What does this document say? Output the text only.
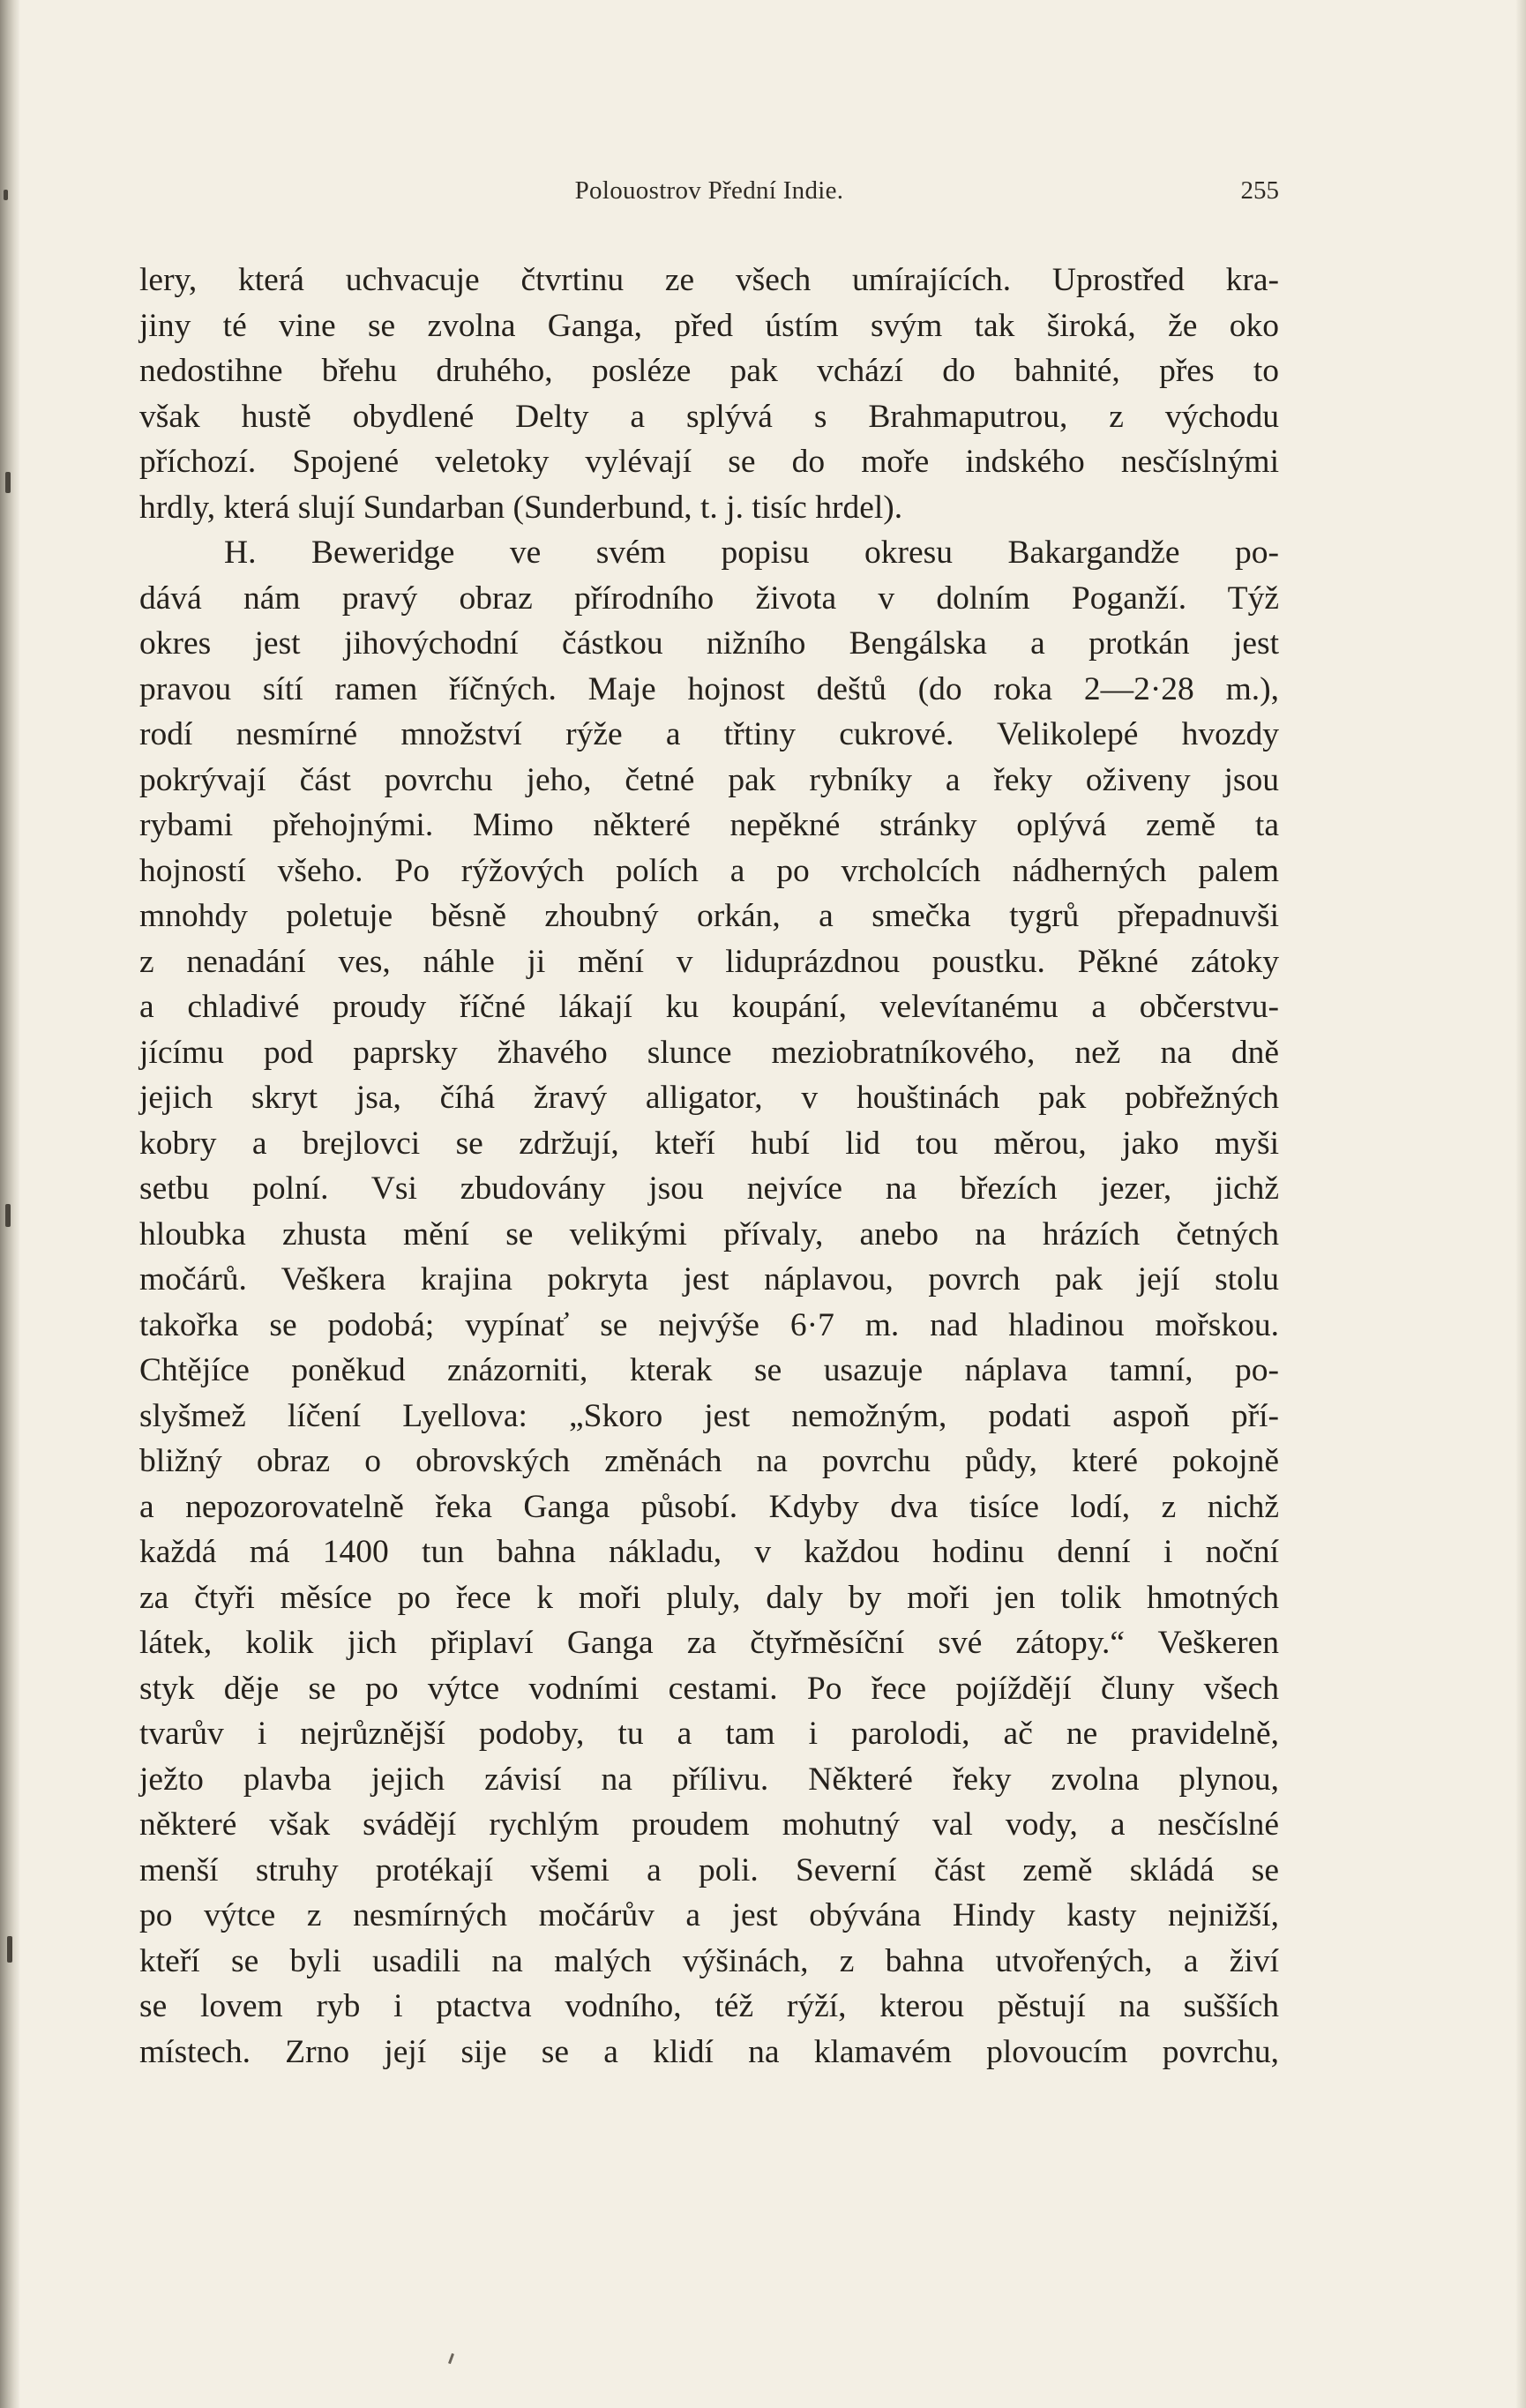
Polouostrov Přední Indie.	255
lery, která uchvacuje čtvrtinu ze všech umírajících. Uprostřed kra-
jiny té vine se zvolna Ganga, před ústím svým tak široká, že oko
nedostihne břehu druhého, posléze pak vchází do bahnité, přes to
však hustě obydlené Delty a splývá s Brahmaputrou, z východu
příchozí. Spojené veletoky vylévají se do moře indského nesčíslnými
hrdly, která slují Sundarban (Sunderbund, t. j. tisíc hrdel).
H. Beweridge ve svém popisu okresu Bakargandže po-
dává nám pravý obraz přírodního života v dolním Poganží. Týž
okres jest jihovýchodní částkou nižního Bengálska a protkán jest
pravou sítí ramen říčných. Maje hojnost deštů (do roka 2—2·28 m.),
rodí nesmírné množství rýže a třtiny cukrové. Velikolepé hvozdy
pokrývají část povrchu jeho, četné pak rybníky a řeky oživeny jsou
rybami přehojnými. Mimo některé nepěkné stránky oplývá země ta
hojností všeho. Po rýžových polích a po vrcholcích nádherných palem
mnohdy poletuje běsně zhoubný orkán, a smečka tygrů přepadnuvši
z nenadání ves, náhle ji mění v liduprázdnou poustku. Pěkné zátoky
a chladivé proudy říčné lákají ku koupání, velevítanému a občerstvu-
jícímu pod paprsky žhavého slunce meziobratníkového, než na dně
jejich skryt jsa, číhá žravý alligator, v houštinách pak pobřežných
kobry a brejlovci se zdržují, kteří hubí lid tou měrou, jako myši
setbu polní. Vsi zbudovány jsou nejvíce na březích jezer, jichž
hloubka zhusta mění se velikými přívaly, anebo na hrázích četných
močárů. Veškera krajina pokryta jest náplavou, povrch pak její stolu
takořka se podobá; vypínať se nejvýše 6·7 m. nad hladinou mořskou.
Chtějíce poněkud znázorniti, kterak se usazuje náplava tamní, po-
slyšmež líčení Lyellova: „Skoro jest nemožným, podati aspoň pří-
bližný obraz o obrovských změnách na povrchu půdy, které pokojně
a nepozorovatelně řeka Ganga působí. Kdyby dva tisíce lodí, z nichž
každá má 1400 tun bahna nákladu, v každou hodinu denní i noční
za čtyři měsíce po řece k moři pluly, daly by moři jen tolik hmotných
látek, kolik jich připlaví Ganga za čtyřměsíční své zátopy.“ Veškeren
styk děje se po výtce vodními cestami. Po řece pojíždějí čluny všech
tvarův i nejrůznější podoby, tu a tam i parolodi, ač ne pravidelně,
ježto plavba jejich závisí na přílivu. Některé řeky zvolna plynou,
některé však svádějí rychlým proudem mohutný val vody, a nesčíslné
menší struhy protékají všemi a poli. Severní část země skládá se
po výtce z nesmírných močárův a jest obývána Hindy kasty nejnižší,
kteří se byli usadili na malých výšinách, z bahna utvořených, a živí
se lovem ryb i ptactva vodního, též rýží, kterou pěstují na sušších
místech. Zrno její sije se a klidí na klamavém plovoucím povrchu,
